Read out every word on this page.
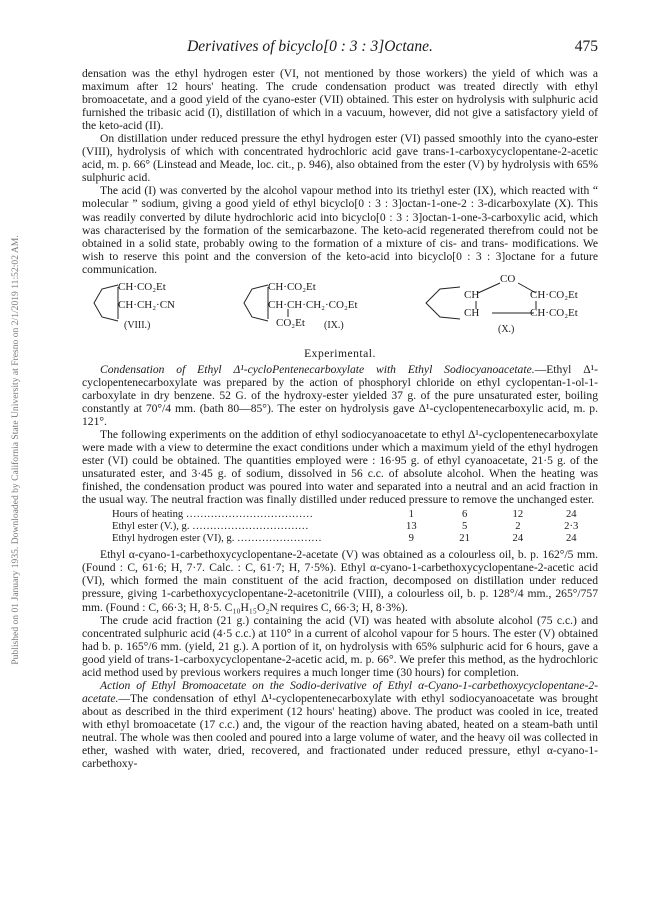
Published on 01 January 1935. Downloaded by California State University at Fresno on 2/1/2019 11:52:02 AM.
Derivatives of bicyclo[0 : 3 : 3]Octane.	475

densation was the ethyl hydrogen ester (VI, not mentioned by those workers) the yield of which was a maximum after 12 hours' heating. The crude condensation product was treated directly with ethyl bromoacetate, and a good yield of the cyano-ester (VII) obtained. This ester on hydrolysis with sulphuric acid furnished the tribasic acid (I), distillation of which in a vacuum, however, did not give a satisfactory yield of the keto-acid (II).

On distillation under reduced pressure the ethyl hydrogen ester (VI) passed smoothly into the cyano-ester (VIII), hydrolysis of which with concentrated hydrochloric acid gave trans-1-carboxycyclopentane-2-acetic acid, m. p. 66° (Linstead and Meade, loc. cit., p. 946), also obtained from the ester (V) by hydrolysis with 65% sulphuric acid.

The acid (I) was converted by the alcohol vapour method into its triethyl ester (IX), which reacted with “ molecular ” sodium, giving a good yield of ethyl bicyclo[0 : 3 : 3]octan-1-one-2 : 3-dicarboxylate (X). This was readily converted by dilute hydrochloric acid into bicyclo[0 : 3 : 3]octan-1-one-3-carboxylic acid, which was characterised by the formation of the semicarbazone. The keto-acid regenerated therefrom could not be obtained in a solid state, probably owing to the formation of a mixture of cis- and trans- modifications. We wish to reserve this point and the conversion of the keto-acid into bicyclo[0 : 3 : 3]octane for a future communication.

CH·CO₂Et
CH·CH₂·CN
(VIII.)
CH·CO₂Et
CH·CH·CH₂·CO₂Et
CO₂Et (IX.)
CO
CH
CH
CH·CO₂Et
CH·CO₂Et
(X.)
Experimental.

Condensation of Ethyl Δ¹-cycloPentenecarboxylate with Ethyl Sodiocyanoacetate.—Ethyl Δ¹-cyclopentenecarboxylate was prepared by the action of phosphoryl chloride on ethyl cyclopentan-1-ol-1-carboxylate in dry benzene. 52 G. of the hydroxy-ester yielded 37 g. of the pure unsaturated ester, boiling constantly at 70°/4 mm. (bath 80—85°). The ester on hydrolysis gave Δ¹-cyclopentenecarboxylic acid, m. p. 121°.

The following experiments on the addition of ethyl sodiocyanoacetate to ethyl Δ¹-cyclopentenecarboxylate were made with a view to determine the exact conditions under which a maximum yield of the ethyl hydrogen ester (VI) could be obtained. The quantities employed were : 16·95 g. of ethyl cyanoacetate, 21·5 g. of the unsaturated ester, and 3·45 g. of sodium, dissolved in 56 c.c. of absolute alcohol. When the heating was finished, the condensation product was poured into water and separated into a neutral and an acid fraction in the usual way. The neutral fraction was finally distilled under reduced pressure to remove the unchanged ester.

Hours of heating ………………………………	1	6	12	24
Ethyl ester (V.), g. ……………………………	13	5	2	2·3
Ethyl hydrogen ester (VI), g. ……………………	9	21	24	24

Ethyl α-cyano-1-carbethoxycyclopentane-2-acetate (V) was obtained as a colourless oil, b. p. 162°/5 mm. (Found : C, 61·6; H, 7·7. Calc. : C, 61·7; H, 7·5%). Ethyl α-cyano-1-carbethoxycyclopentane-2-acetic acid (VI), which formed the main constituent of the acid fraction, decomposed on distillation under reduced pressure, giving 1-carbethoxycyclopentane-2-acetonitrile (VIII), a colourless oil, b. p. 128°/4 mm., 265°/757 mm. (Found : C, 66·3; H, 8·5. C₁₀H₁₅O₂N requires C, 66·3; H, 8·3%).

The crude acid fraction (21 g.) containing the acid (VI) was heated with absolute alcohol (75 c.c.) and concentrated sulphuric acid (4·5 c.c.) at 110° in a current of alcohol vapour for 5 hours. The ester (V) obtained had b. p. 165°/6 mm. (yield, 21 g.). A portion of it, on hydrolysis with 65% sulphuric acid for 6 hours, gave a good yield of trans-1-carboxycyclopentane-2-acetic acid, m. p. 66°. We prefer this method, as the hydrochloric acid method used by previous workers requires a much longer time (30 hours) for completion.

Action of Ethyl Bromoacetate on the Sodio-derivative of Ethyl α-Cyano-1-carbethoxycyclopentane-2-acetate.—The condensation of ethyl Δ¹-cyclopentenecarboxylate with ethyl sodiocyanoacetate was brought about as described in the third experiment (12 hours' heating) above. The product was cooled in ice, treated with ethyl bromoacetate (17 c.c.) and, the vigour of the reaction having abated, heated on a steam-bath until neutral. The whole was then cooled and poured into a large volume of water, and the heavy oil was collected in ether, washed with water, dried, recovered, and fractionated under reduced pressure, ethyl α-cyano-1-carbethoxy-
